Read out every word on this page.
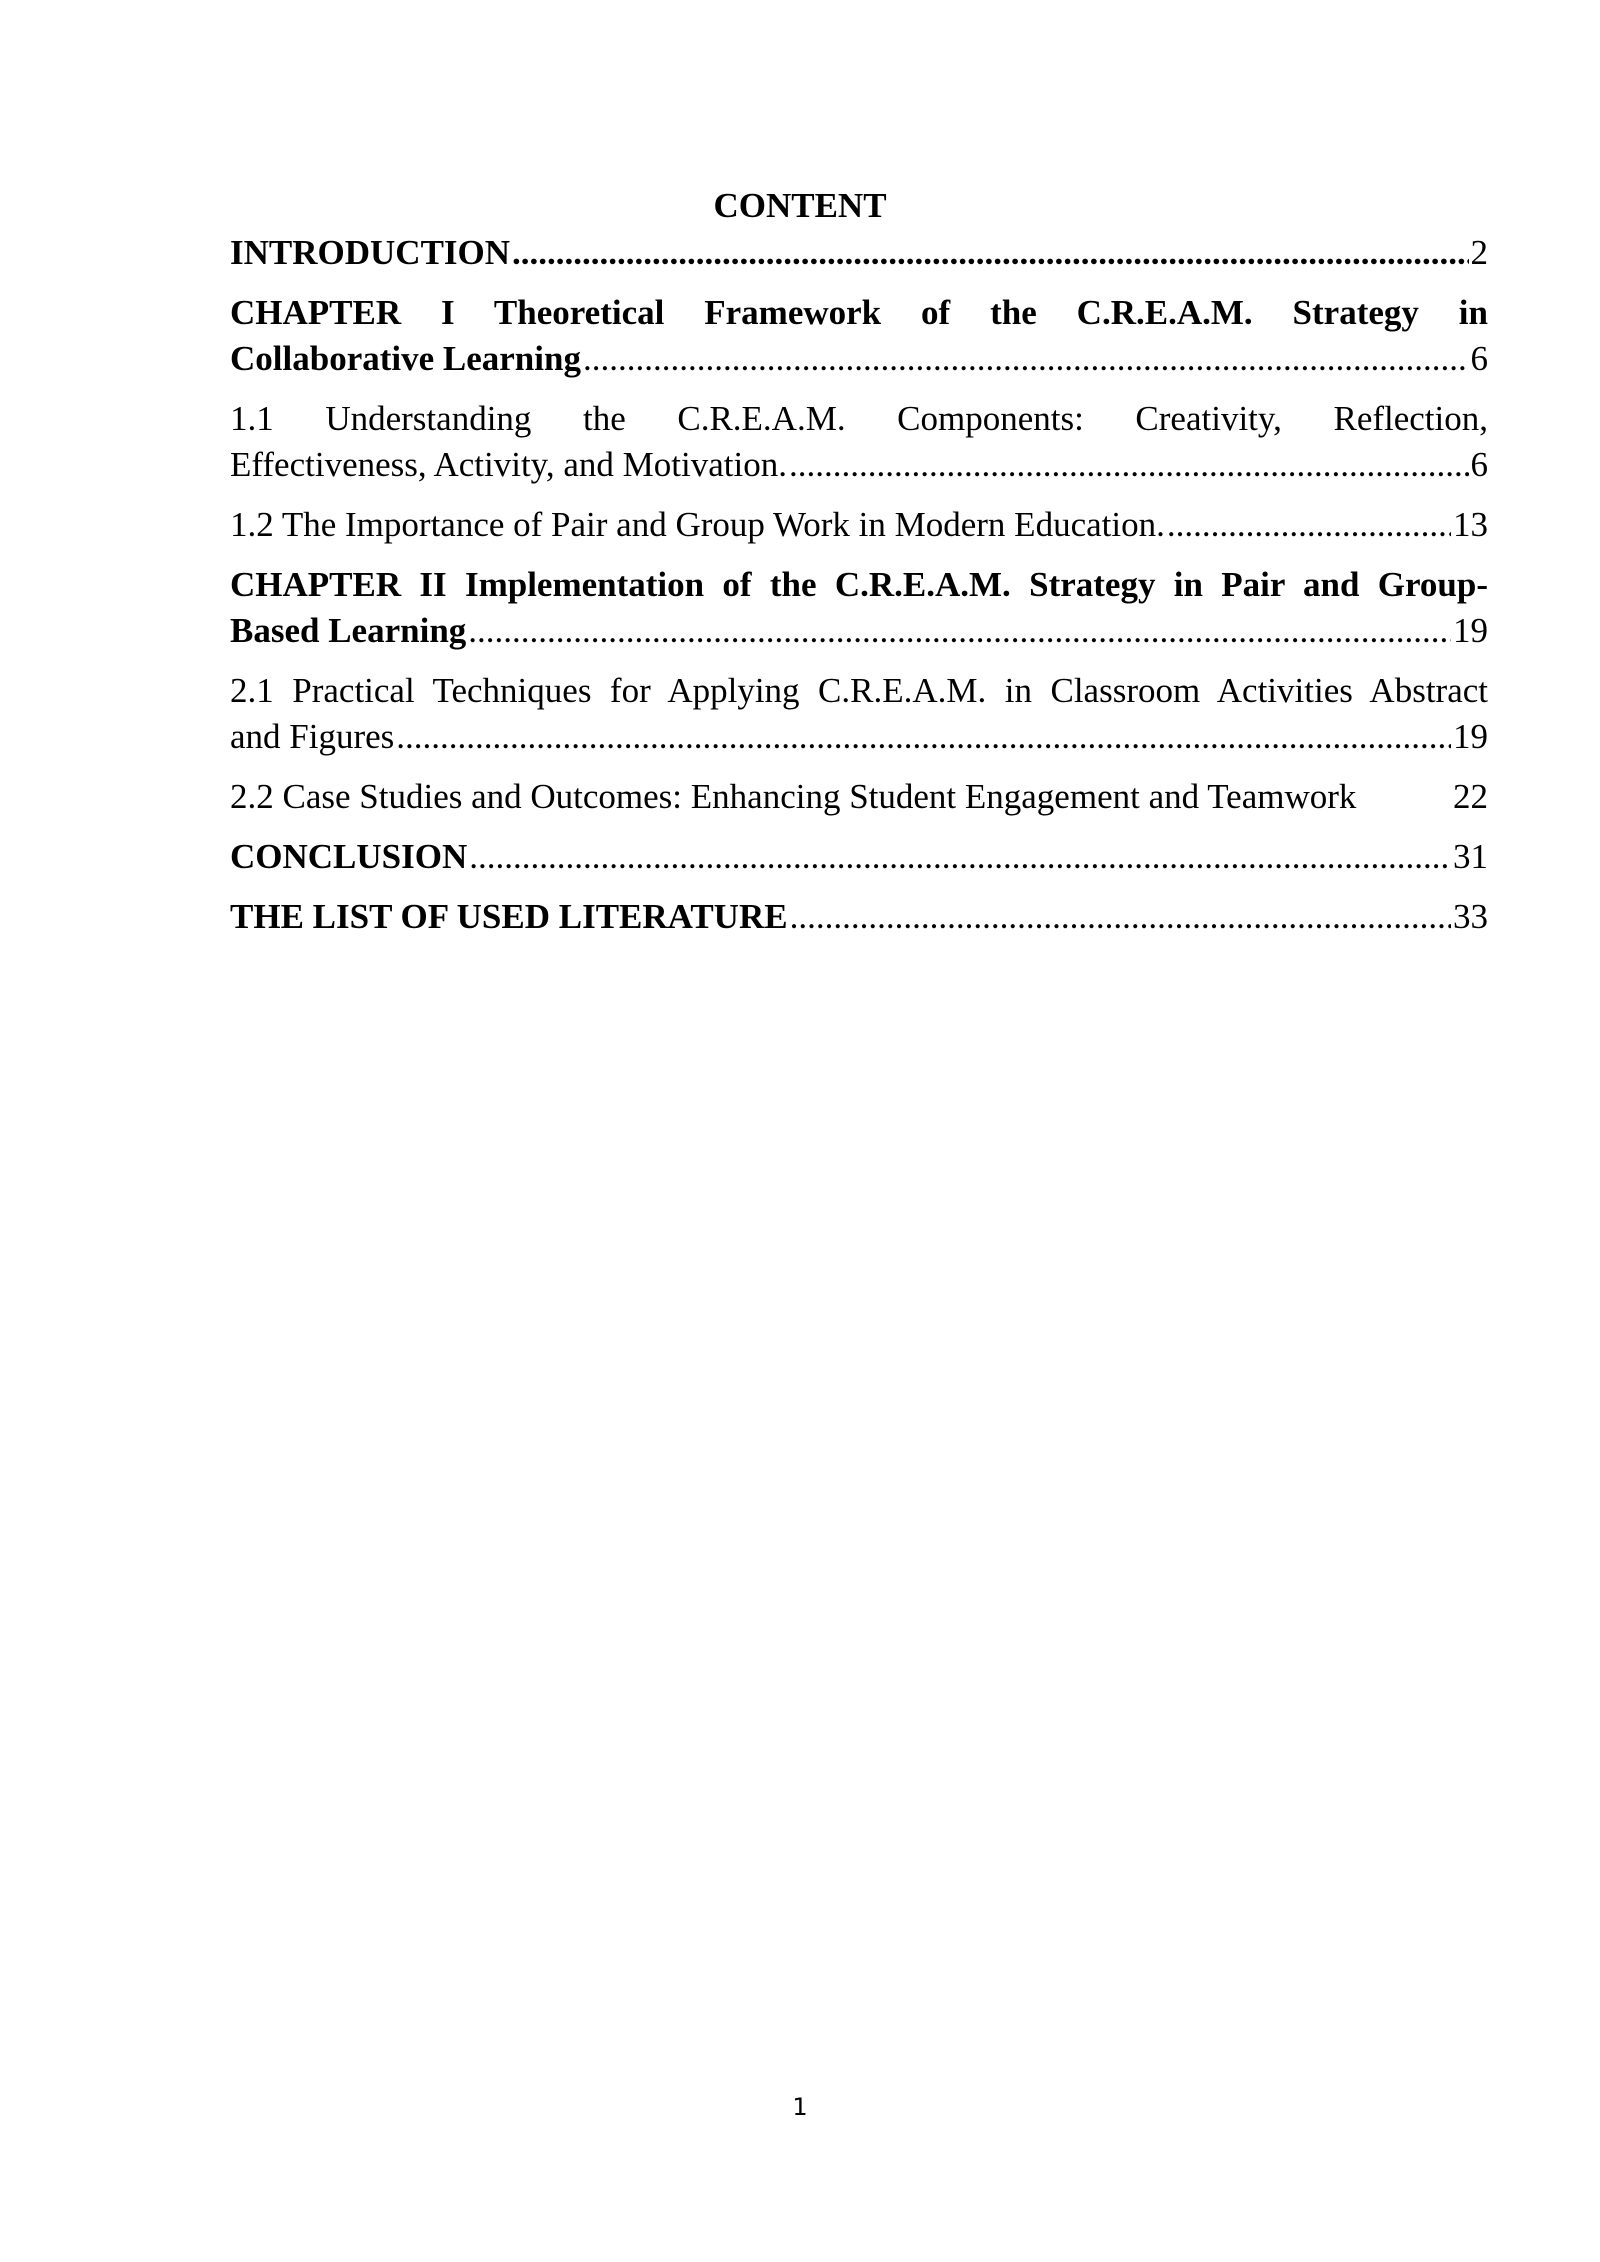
CONTENT
INTRODUCTION .....	2
CHAPTER I Theoretical Framework of the C.R.E.A.M. Strategy in
Collaborative Learning .....	6
1.1 Understanding the C.R.E.A.M. Components: Creativity, Reflection,
Effectiveness, Activity, and Motivation. .....	6
1.2 The Importance of Pair and Group Work in Modern Education. .....	13
CHAPTER II Implementation of the C.R.E.A.M. Strategy in Pair and Group-
Based Learning .....	19
2.1 Practical Techniques for Applying C.R.E.A.M. in Classroom Activities Abstract
and Figures .....	19
2.2 Case Studies and Outcomes: Enhancing Student Engagement and Teamwork	22
CONCLUSION .....	31
THE LIST OF USED LITERATURE .....	33
1
